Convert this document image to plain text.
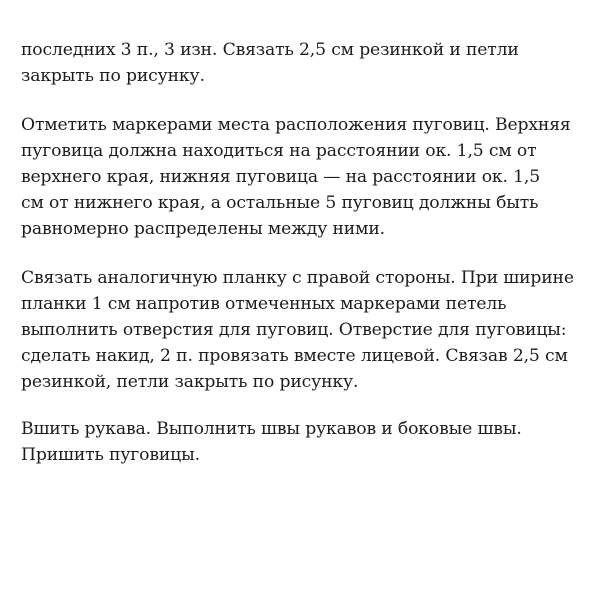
последних 3 п., 3 изн. Связать 2,5 см резинкой и петли
закрыть по рисунку.
Отметить маркерами места расположения пуговиц. Верхняя
пуговица должна находиться на расстоянии ок. 1,5 см от
верхнего края, нижняя пуговица — на расстоянии ок. 1,5
см от нижнего края, а остальные 5 пуговиц должны быть
равномерно распределены между ними.
Связать аналогичную планку с правой стороны. При ширине
планки 1 см напротив отмеченных маркерами петель
выполнить отверстия для пуговиц. Отверстие для пуговицы:
сделать накид, 2 п. провязать вместе лицевой. Связав 2,5 см
резинкой, петли закрыть по рисунку.
Вшить рукава. Выполнить швы рукавов и боковые швы.
Пришить пуговицы.
